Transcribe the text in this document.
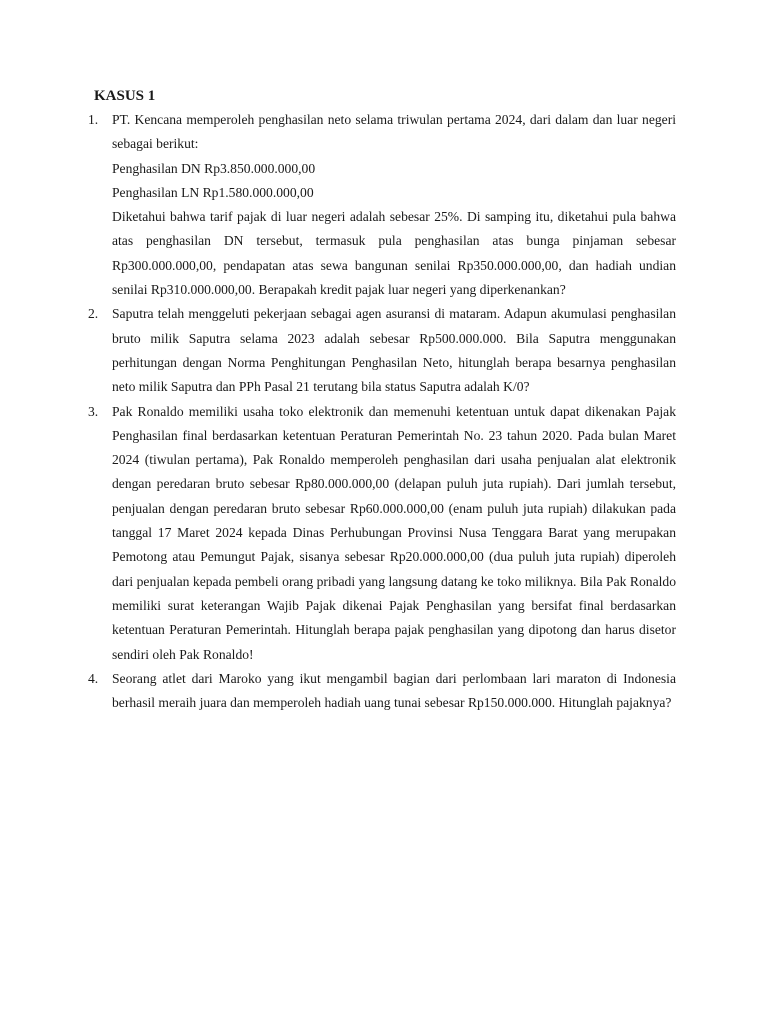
KASUS 1
1. PT. Kencana memperoleh penghasilan neto selama triwulan pertama 2024, dari dalam dan luar negeri sebagai berikut:

Penghasilan DN Rp3.850.000.000,00
Penghasilan LN Rp1.580.000.000,00

Diketahui bahwa tarif pajak di luar negeri adalah sebesar 25%. Di samping itu, diketahui pula bahwa atas penghasilan DN tersebut, termasuk pula penghasilan atas bunga pinjaman sebesar Rp300.000.000,00, pendapatan atas sewa bangunan senilai Rp350.000.000,00, dan hadiah undian senilai Rp310.000.000,00. Berapakah kredit pajak luar negeri yang diperkenankan?

2. Saputra telah menggeluti pekerjaan sebagai agen asuransi di mataram. Adapun akumulasi penghasilan bruto milik Saputra selama 2023 adalah sebesar Rp500.000.000. Bila Saputra menggunakan perhitungan dengan Norma Penghitungan Penghasilan Neto, hitunglah berapa besarnya penghasilan neto milik Saputra dan PPh Pasal 21 terutang bila status Saputra adalah K/0?

3. Pak Ronaldo memiliki usaha toko elektronik dan memenuhi ketentuan untuk dapat dikenakan Pajak Penghasilan final berdasarkan ketentuan Peraturan Pemerintah No. 23 tahun 2020. Pada bulan Maret 2024 (tiwulan pertama), Pak Ronaldo memperoleh penghasilan dari usaha penjualan alat elektronik dengan peredaran bruto sebesar Rp80.000.000,00 (delapan puluh juta rupiah). Dari jumlah tersebut, penjualan dengan peredaran bruto sebesar Rp60.000.000,00 (enam puluh juta rupiah) dilakukan pada tanggal 17 Maret 2024 kepada Dinas Perhubungan Provinsi Nusa Tenggara Barat yang merupakan Pemotong atau Pemungut Pajak, sisanya sebesar Rp20.000.000,00 (dua puluh juta rupiah) diperoleh dari penjualan kepada pembeli orang pribadi yang langsung datang ke toko miliknya. Bila Pak Ronaldo memiliki surat keterangan Wajib Pajak dikenai Pajak Penghasilan yang bersifat final berdasarkan ketentuan Peraturan Pemerintah. Hitunglah berapa pajak penghasilan yang dipotong dan harus disetor sendiri oleh Pak Ronaldo!

4. Seorang atlet dari Maroko yang ikut mengambil bagian dari perlombaan lari maraton di Indonesia berhasil meraih juara dan memperoleh hadiah uang tunai sebesar Rp150.000.000. Hitunglah pajaknya?
